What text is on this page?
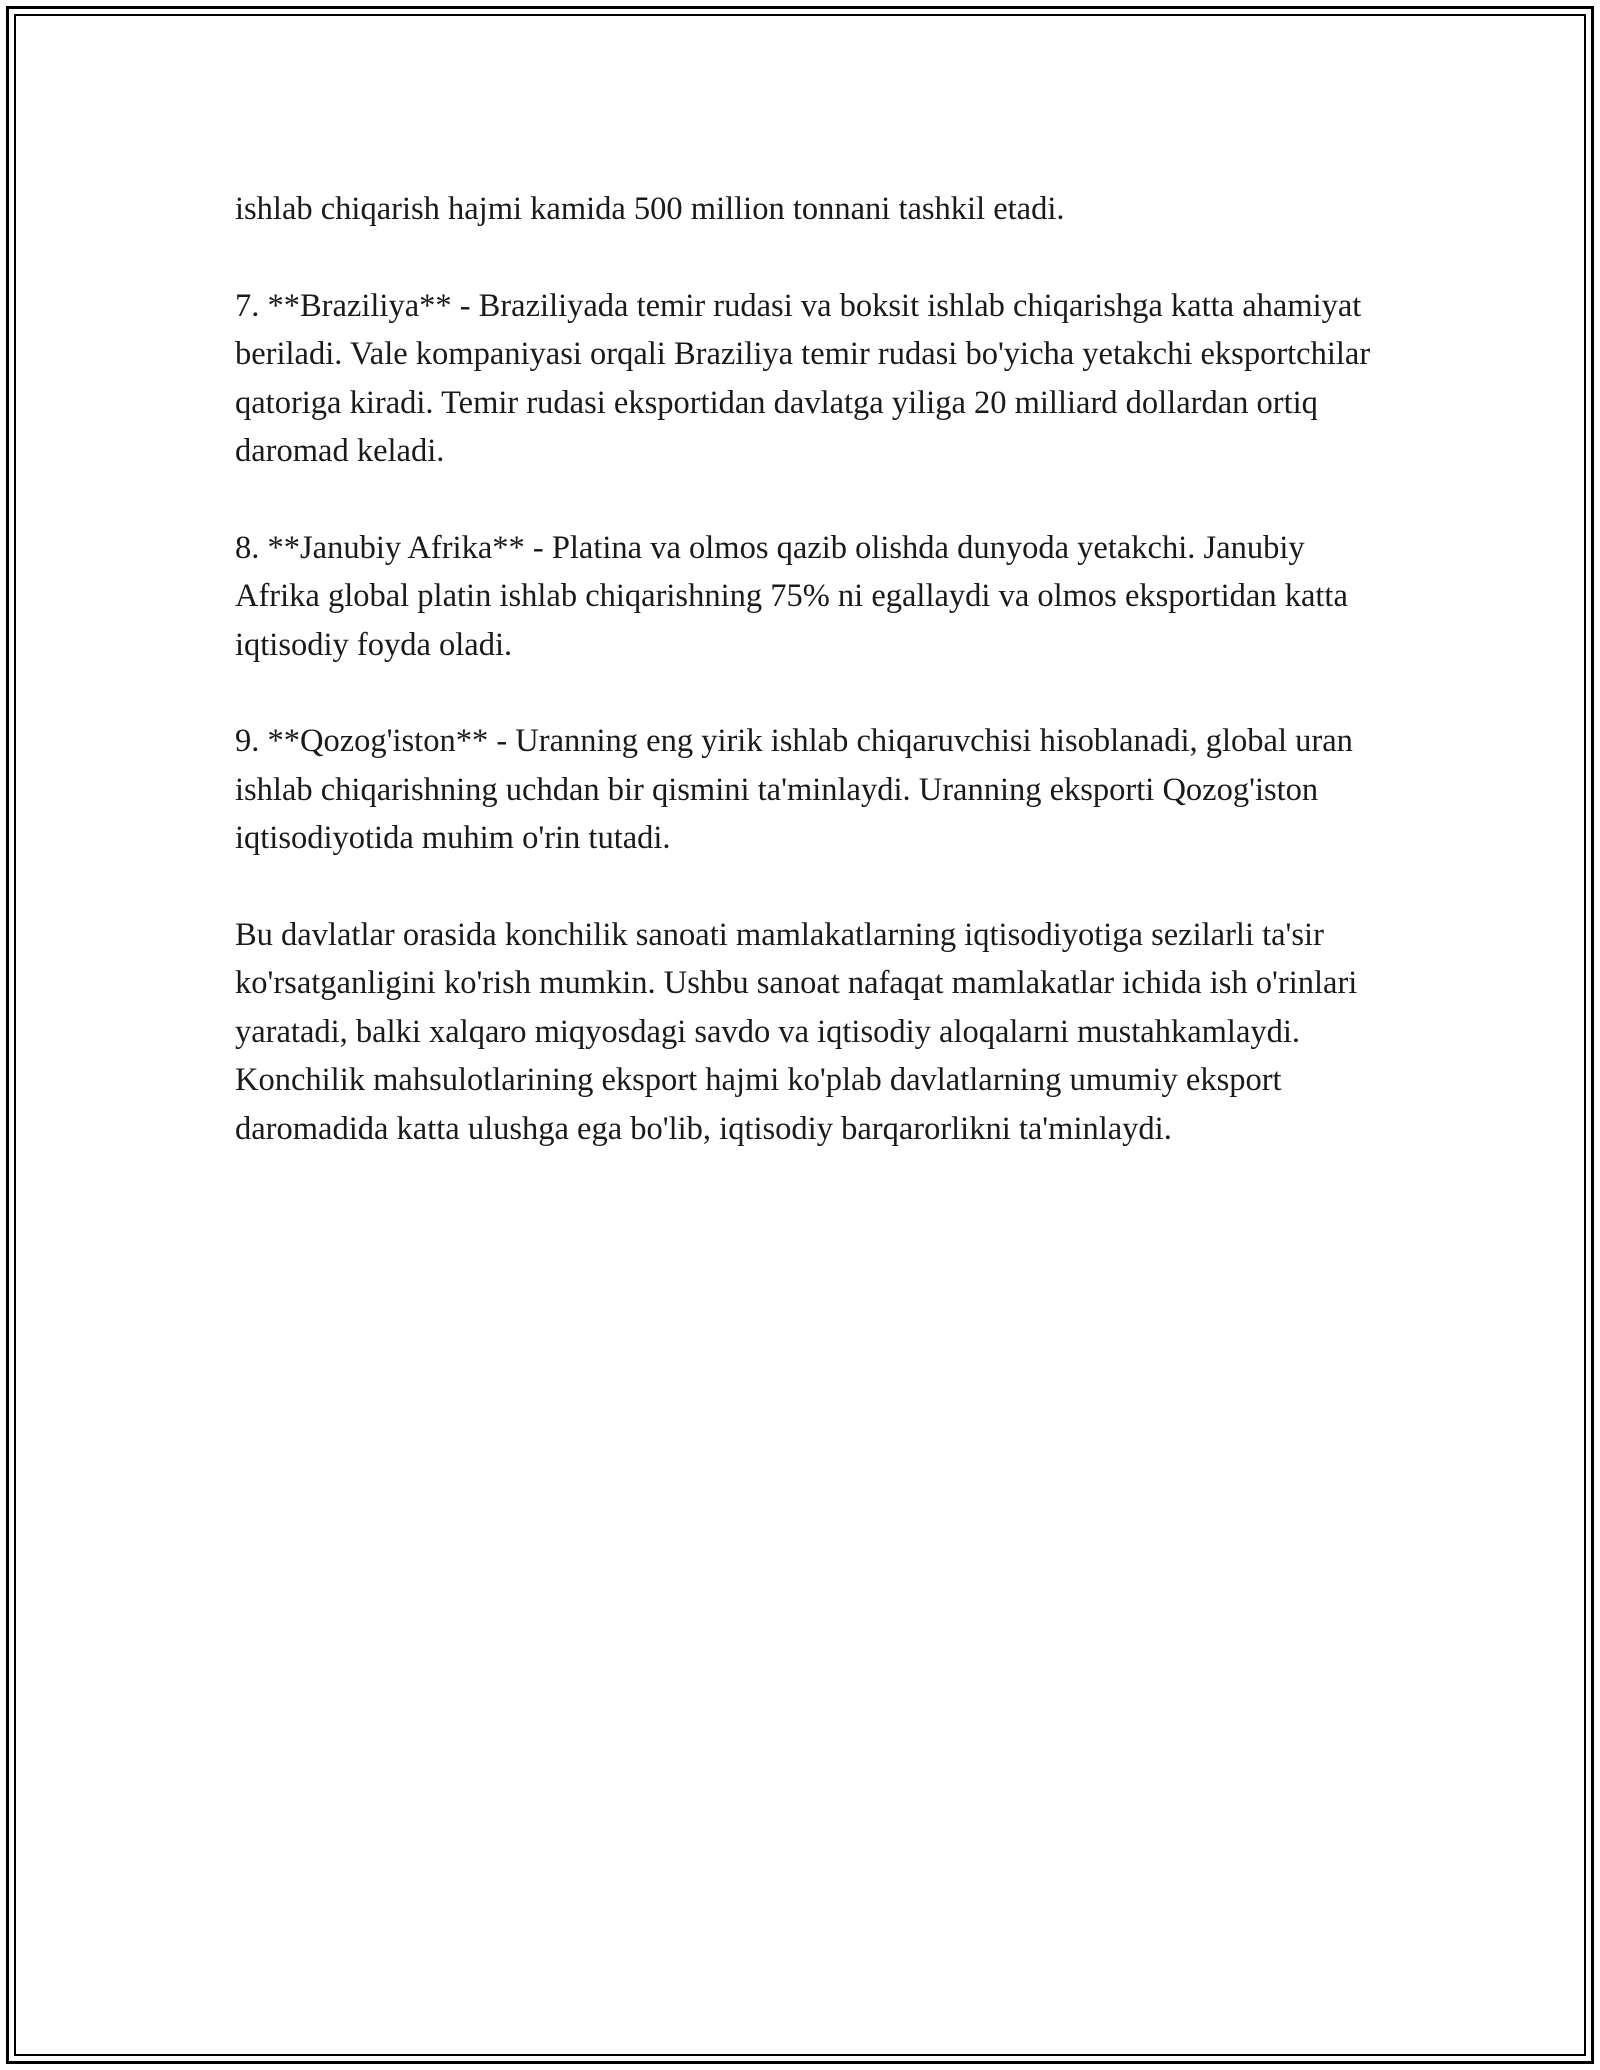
ishlab chiqarish hajmi kamida 500 million tonnani tashkil etadi.

7. **Braziliya** - Braziliyada temir rudasi va boksit ishlab chiqarishga katta ahamiyat beriladi. Vale kompaniyasi orqali Braziliya temir rudasi bo'yicha yetakchi eksportchilar qatoriga kiradi. Temir rudasi eksportidan davlatga yiliga 20 milliard dollardan ortiq daromad keladi.

8. **Janubiy Afrika** - Platina va olmos qazib olishda dunyoda yetakchi. Janubiy Afrika global platin ishlab chiqarishning 75% ni egallaydi va olmos eksportidan katta iqtisodiy foyda oladi.

9. **Qozog'iston** - Uranning eng yirik ishlab chiqaruvchisi hisoblanadi, global uran ishlab chiqarishning uchdan bir qismini ta'minlaydi. Uranning eksporti Qozog'iston iqtisodiyotida muhim o'rin tutadi.

Bu davlatlar orasida konchilik sanoati mamlakatlarning iqtisodiyotiga sezilarli ta'sir ko'rsatganligini ko'rish mumkin. Ushbu sanoat nafaqat mamlakatlar ichida ish o'rinlari yaratadi, balki xalqaro miqyosdagi savdo va iqtisodiy aloqalarni mustahkamlaydi. Konchilik mahsulotlarining eksport hajmi ko'plab davlatlarning umumiy eksport daromadida katta ulushga ega bo'lib, iqtisodiy barqarorlikni ta'minlaydi.
